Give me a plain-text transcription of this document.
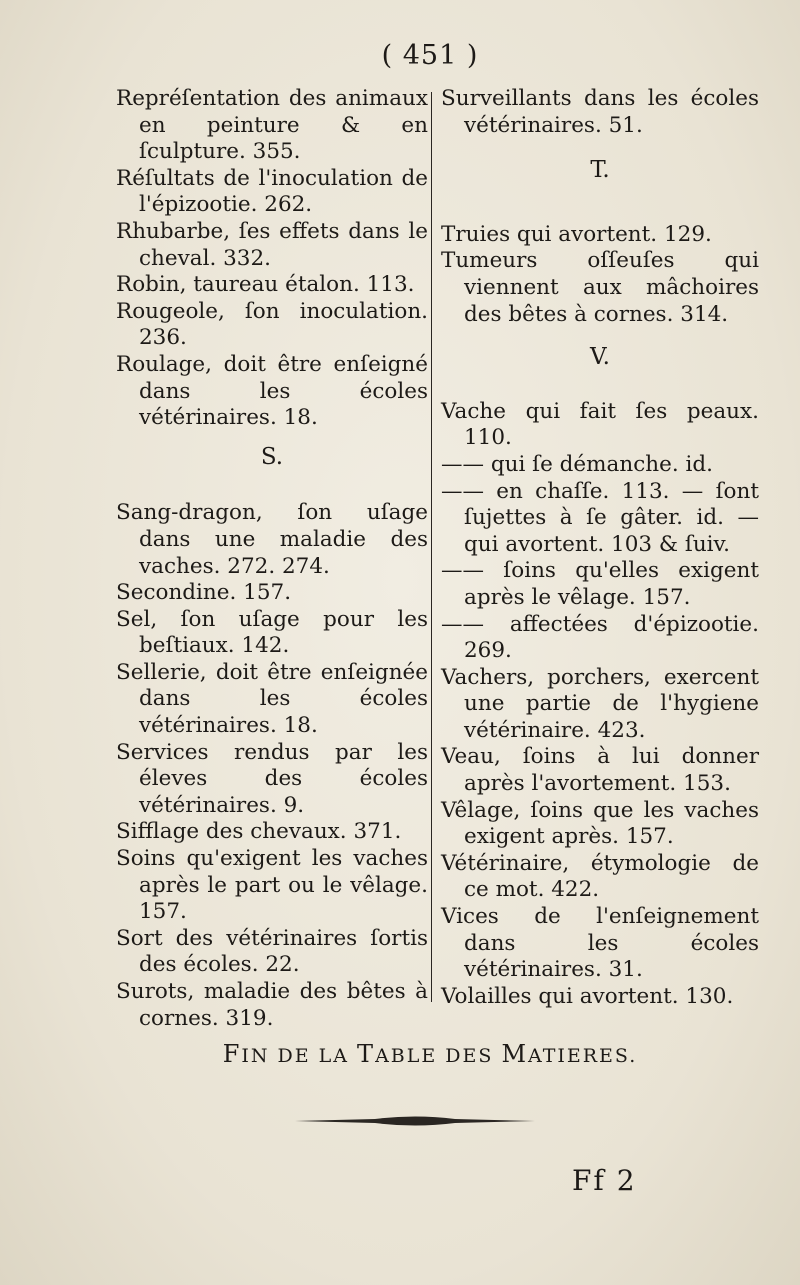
( 451 )

Repréſentation des animaux en peinture & en ſculpture. 355.

Réſultats de l'inoculation de l'épizootie. 262.

Rhubarbe, ſes effets dans le cheval. 332.

Robin, taureau étalon. 113.

Rougeole, ſon inoculation. 236.

Roulage, doit être enſeigné dans les écoles vétérinaires. 18.

S.

Sang-dragon, ſon uſage dans une maladie des vaches. 272. 274.

Secondine. 157.

Sel, ſon uſage pour les beſtiaux. 142.

Sellerie, doit être enſeignée dans les écoles vétérinaires. 18.

Services rendus par les éleves des écoles vétérinaires. 9.

Sifflage des chevaux. 371.

Soins qu'exigent les vaches après le part ou le vêlage. 157.

Sort des vétérinaires ſortis des écoles. 22.

Surots, maladie des bêtes à cornes. 319.

Surveillants dans les écoles vétérinaires. 51.

T.

Truies qui avortent. 129.

Tumeurs oſſeuſes qui viennent aux mâchoires des bêtes à cornes. 314.

V.

Vache qui fait ſes peaux. 110.

—— qui ſe démanche. id.

—— en chaſſe. 113. — ſont ſujettes à ſe gâter. id. — qui avortent. 103 & ſuiv.

—— ſoins qu'elles exigent après le vêlage. 157.

—— affectées d'épizootie. 269.

Vachers, porchers, exercent une partie de l'hygiene vétérinaire. 423.

Veau, ſoins à lui donner après l'avortement. 153.

Vêlage, ſoins que les vaches exigent après. 157.

Vétérinaire, étymologie de ce mot. 422.

Vices de l'enſeignement dans les écoles vétérinaires. 31.

Volailles qui avortent. 130.

FIN DE LA TABLE DES MATIERES.
Ff 2
